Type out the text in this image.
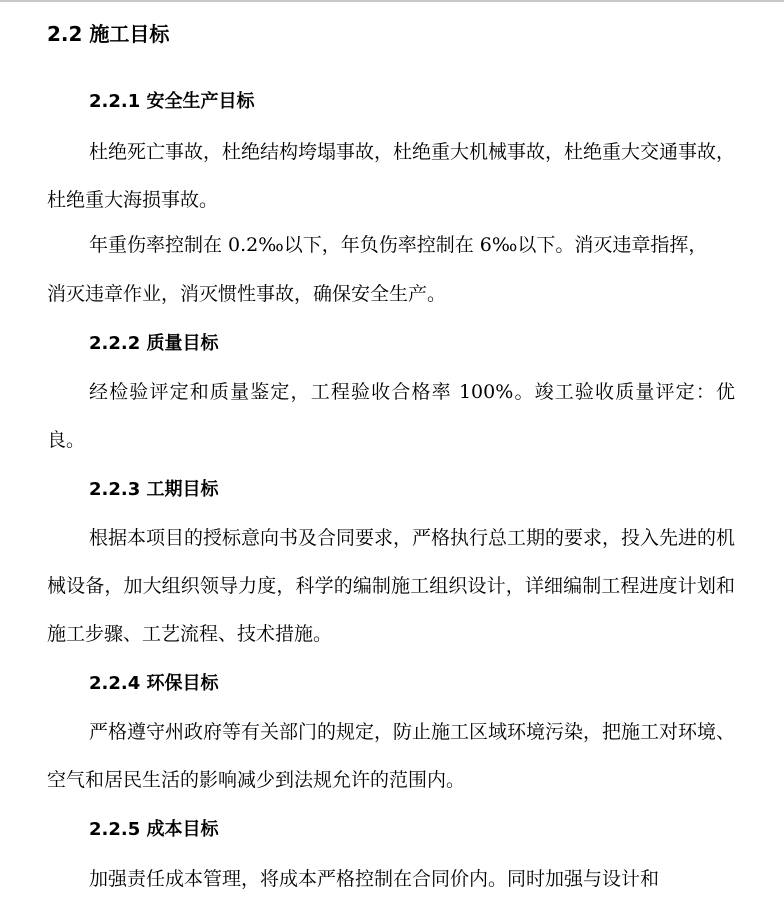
2.2 施工目标
2.2.1 安全生产目标

杜绝死亡事故，杜绝结构垮塌事故，杜绝重大机械事故，杜绝重大交通事故，杜绝重大海损事故。

年重伤率控制在 0.2‰以下，年负伤率控制在 6‰以下。消灭违章指挥，

消灭违章作业，消灭惯性事故，确保安全生产。

2.2.2 质量目标

经检验评定和质量鉴定，工程验收合格率 100%。竣工验收质量评定：优良。

2.2.3 工期目标

根据本项目的授标意向书及合同要求，严格执行总工期的要求，投入先进的机械设备，加大组织领导力度，科学的编制施工组织设计，详细编制工程进度计划和施工步骤、工艺流程、技术措施。

2.2.4 环保目标

严格遵守州政府等有关部门的规定，防止施工区域环境污染，把施工对环境、空气和居民生活的影响减少到法规允许的范围内。

2.2.5 成本目标

加强责任成本管理，将成本严格控制在合同价内。同时加强与设计和
